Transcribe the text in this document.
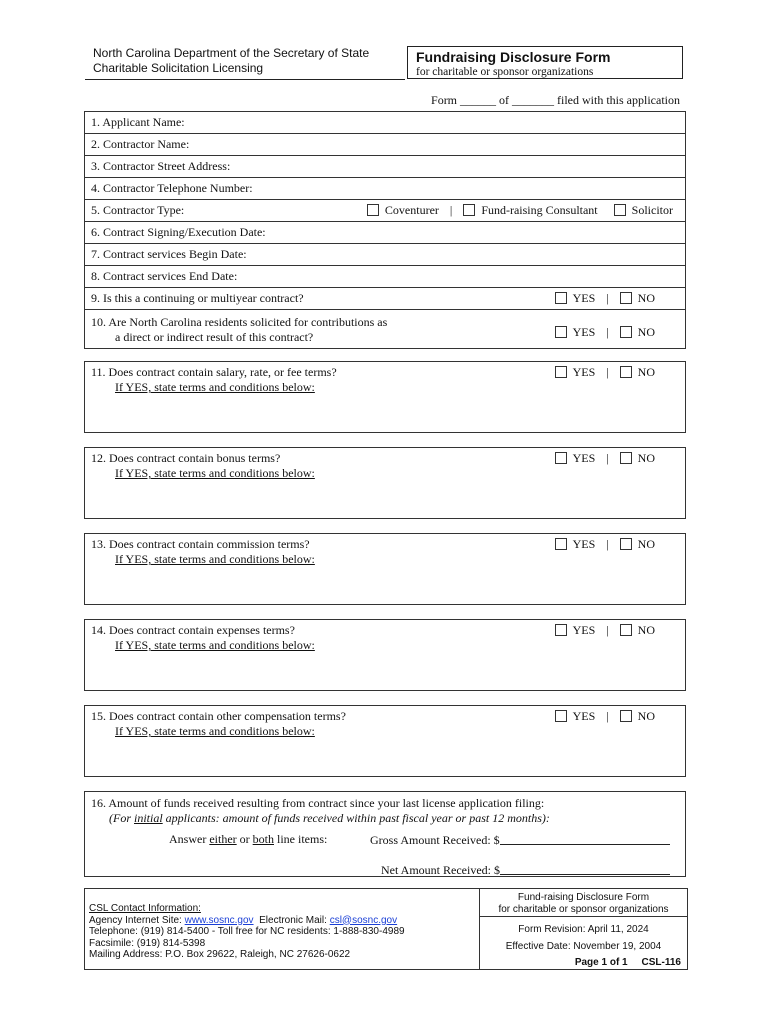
North Carolina Department of the Secretary of State
Charitable Solicitation Licensing
Fundraising Disclosure Form
for charitable or sponsor organizations
Form ______ of _______ filed with this application
1. Applicant Name:
2. Contractor Name:
3. Contractor Street Address:
4. Contractor Telephone Number:
5. Contractor Type:	Coventurer | Fund-raising Consultant	Solicitor
6. Contract Signing/Execution Date:
7. Contract services Begin Date:
8. Contract services End Date:
9. Is this a continuing or multiyear contract?	YES | NO
10. Are North Carolina residents solicited for contributions as
a direct or indirect result of this contract?	YES | NO
11. Does contract contain salary, rate, or fee terms?
If YES, state terms and conditions below:
YES | NO
12. Does contract contain bonus terms?
If YES, state terms and conditions below:
YES | NO
13. Does contract contain commission terms?
If YES, state terms and conditions below:
YES | NO
14. Does contract contain expenses terms?
If YES, state terms and conditions below:
YES | NO
15. Does contract contain other compensation terms?
If YES, state terms and conditions below:
YES | NO
16. Amount of funds received resulting from contract since your last license application filing:
(For initial applicants: amount of funds received within past fiscal year or past 12 months):
Answer either or both line items:	Gross Amount Received: $
Net Amount Received: $
CSL Contact Information:
Agency Internet Site: www.sosnc.gov Electronic Mail: csl@sosnc.gov
Telephone: (919) 814-5400 - Toll free for NC residents: 1-888-830-4989
Facsimile: (919) 814-5398
Mailing Address: P.O. Box 29622, Raleigh, NC 27626-0622
Fund-raising Disclosure Form
for charitable or sponsor organizations
Form Revision: April 11, 2024
Effective Date: November 19, 2004
Page 1 of 1 CSL-116
